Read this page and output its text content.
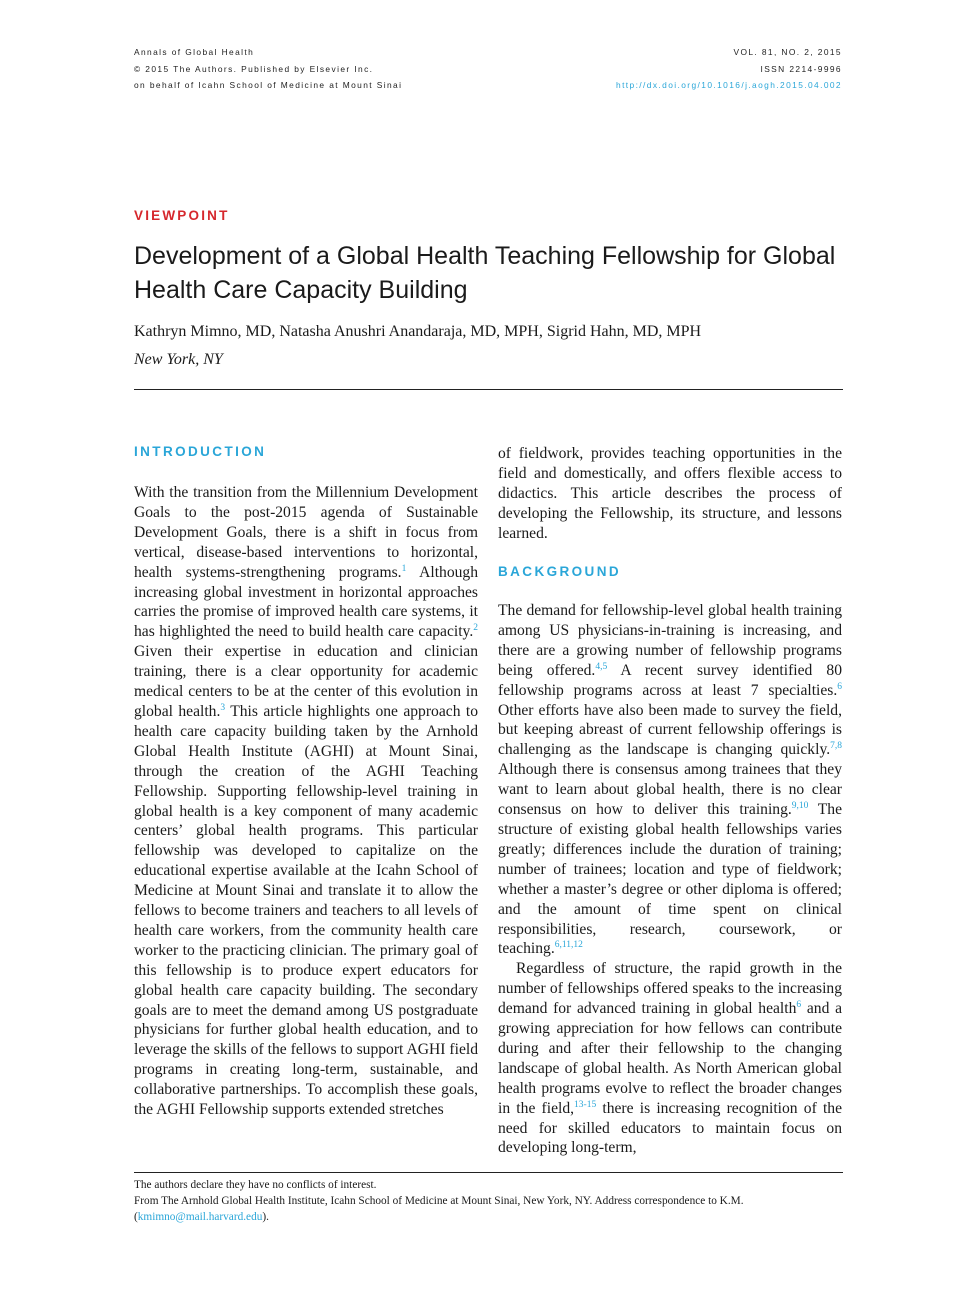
Annals of Global Health
© 2015 The Authors. Published by Elsevier Inc.
on behalf of Icahn School of Medicine at Mount Sinai
VOL. 81, NO. 2, 2015
ISSN 2214-9996
http://dx.doi.org/10.1016/j.aogh.2015.04.002
VIEWPOINT
Development of a Global Health Teaching Fellowship for Global Health Care Capacity Building
Kathryn Mimno, MD, Natasha Anushri Anandaraja, MD, MPH, Sigrid Hahn, MD, MPH
New York, NY
INTRODUCTION

With the transition from the Millennium Development Goals to the post-2015 agenda of Sustainable Development Goals, there is a shift in focus from vertical, disease-based interventions to horizontal, health systems-strengthening programs.$^1$ Although increasing global investment in horizontal approaches carries the promise of improved health care systems, it has highlighted the need to build health care capacity.$^2$ Given their expertise in education and clinician training, there is a clear opportunity for academic medical centers to be at the center of this evolution in global health.$^3$ This article highlights one approach to health care capacity building taken by the Arnhold Global Health Institute (AGHI) at Mount Sinai, through the creation of the AGHI Teaching Fellowship. Supporting fellowship-level training in global health is a key component of many academic centers’ global health programs. This particular fellowship was developed to capitalize on the educational expertise available at the Icahn School of Medicine at Mount Sinai and translate it to allow the fellows to become trainers and teachers to all levels of health care workers, from the community health care worker to the practicing clinician. The primary goal of this fellowship is to produce expert educators for global health care capacity building. The secondary goals are to meet the demand among US postgraduate physicians for further global health education, and to leverage the skills of the fellows to support AGHI field programs in creating long-term, sustainable, and collaborative partnerships. To accomplish these goals, the AGHI Fellowship supports extended stretches

of fieldwork, provides teaching opportunities in the field and domestically, and offers flexible access to didactics. This article describes the process of developing the Fellowship, its structure, and lessons learned.

BACKGROUND

The demand for fellowship-level global health training among US physicians-in-training is increasing, and there are a growing number of fellowship programs being offered.$^{4,5}$ A recent survey identified 80 fellowship programs across at least 7 specialties.$^6$ Other efforts have also been made to survey the field, but keeping abreast of current fellowship offerings is challenging as the landscape is changing quickly.$^{7,8}$ Although there is consensus among trainees that they want to learn about global health, there is no clear consensus on how to deliver this training.$^{9,10}$ The structure of existing global health fellowships varies greatly; differences include the duration of training; number of trainees; location and type of fieldwork; whether a master’s degree or other diploma is offered; and the amount of time spent on clinical responsibilities, research, coursework, or teaching.$^{6,11,12}$

Regardless of structure, the rapid growth in the number of fellowships offered speaks to the increasing demand for advanced training in global health$^6$ and a growing appreciation for how fellows can contribute during and after their fellowship to the changing landscape of global health. As North American global health programs evolve to reflect the broader changes in the field,$^{13-15}$ there is increasing recognition of the need for skilled educators to maintain focus on developing long-term,

The authors declare they have no conflicts of interest.
From The Arnhold Global Health Institute, Icahn School of Medicine at Mount Sinai, New York, NY. Address correspondence to K.M. (kmimno@mail.harvard.edu).
